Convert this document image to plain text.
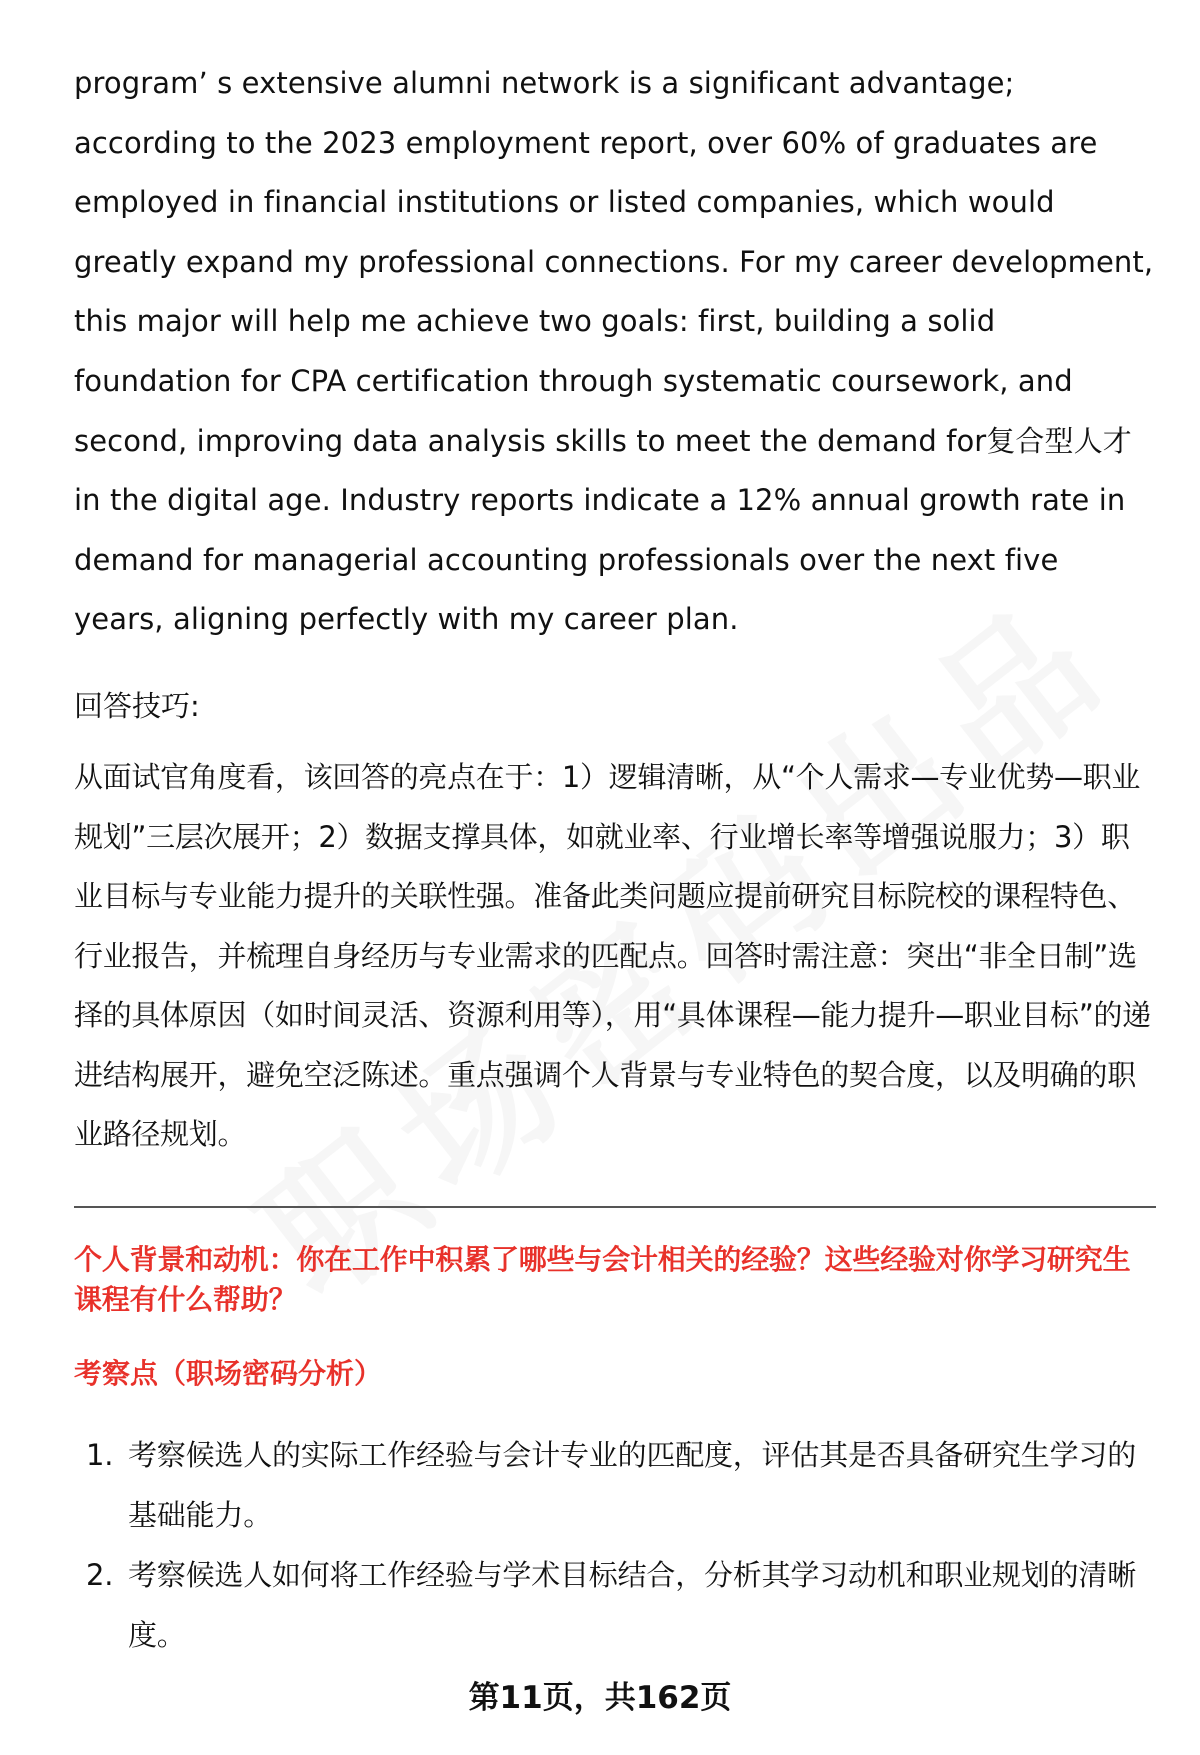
program’ s extensive alumni network is a significant advantage; according to the 2023 employment report, over 60% of graduates are employed in financial institutions or listed companies, which would greatly expand my professional connections. For my career development, this major will help me achieve two goals: first, building a solid foundation for CPA certification through systematic coursework, and second, improving data analysis skills to meet the demand for复合型人才 in the digital age. Industry reports indicate a 12% annual growth rate in demand for managerial accounting professionals over the next five years, aligning perfectly with my career plan.

回答技巧:

从面试官角度看，该回答的亮点在于：1）逻辑清晰，从“个人需求—专业优势—职业规划”三层次展开；2）数据支撑具体，如就业率、行业增长率等增强说服力；3）职业目标与专业能力提升的关联性强。准备此类问题应提前研究目标院校的课程特色、行业报告，并梳理自身经历与专业需求的匹配点。回答时需注意：突出“非全日制”选择的具体原因（如时间灵活、资源利用等），用“具体课程—能力提升—职业目标”的递进结构展开，避免空泛陈述。重点强调个人背景与专业特色的契合度，以及明确的职业路径规划。

个人背景和动机：你在工作中积累了哪些与会计相关的经验？这些经验对你学习研究生课程有什么帮助？

考察点（职场密码分析）

1. 考察候选人的实际工作经验与会计专业的匹配度，评估其是否具备研究生学习的基础能力。
2. 考察候选人如何将工作经验与学术目标结合，分析其学习动机和职业规划的清晰度。
第11页，共162页
